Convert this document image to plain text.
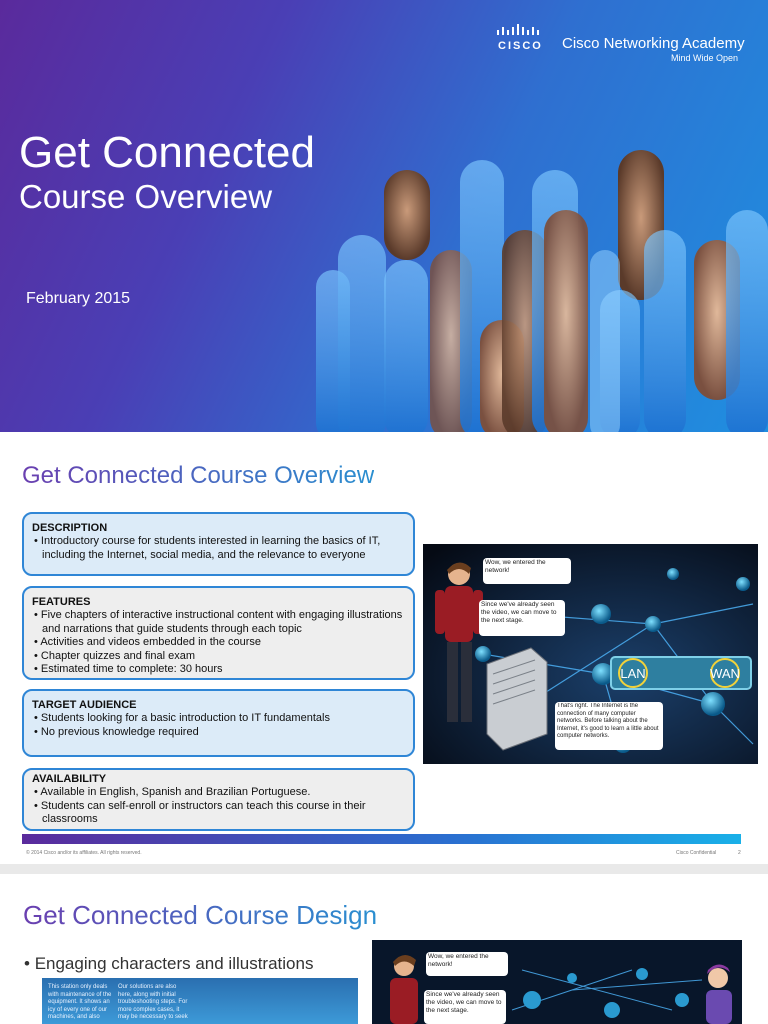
CISCO Cisco Networking Academy
Mind Wide Open
Get Connected
Course Overview
February 2015
Get Connected Course Overview
DESCRIPTION
• Introductory course for students interested in learning the basics of IT, including the Internet, social media, and the relevance to everyone
FEATURES
• Five chapters of interactive instructional content with engaging illustrations and narrations that guide students through each topic
• Activities and videos embedded in the course
• Chapter quizzes and final exam
• Estimated time to complete: 30 hours
TARGET AUDIENCE
• Students looking for a basic introduction to IT fundamentals
• No previous knowledge required
AVAILABILITY
• Available in English, Spanish and Brazilian Portuguese.
• Students can self-enroll or instructors can teach this course in their classrooms
LAN	WAN
Wow, we entered the network!
Since we've already seen the video, we can move to the next stage.
That's right. The Internet is the connection of many computer networks. Before talking about the Internet, it's good to learn a little about computer networks.
© 2014 Cisco and/or its affiliates. All rights reserved.	Cisco Confidential	2
Get Connected Course Design
• Engaging characters and illustrations
This station only deals with maintenance of the equipment. It shows an icy of every one of our machines, and also
Our solutions are also here, along with initial troubleshooting steps. For more complex cases, it may be necessary to seek
Wow, we entered the network!
Since we've already seen the video, we can move to the next stage.
